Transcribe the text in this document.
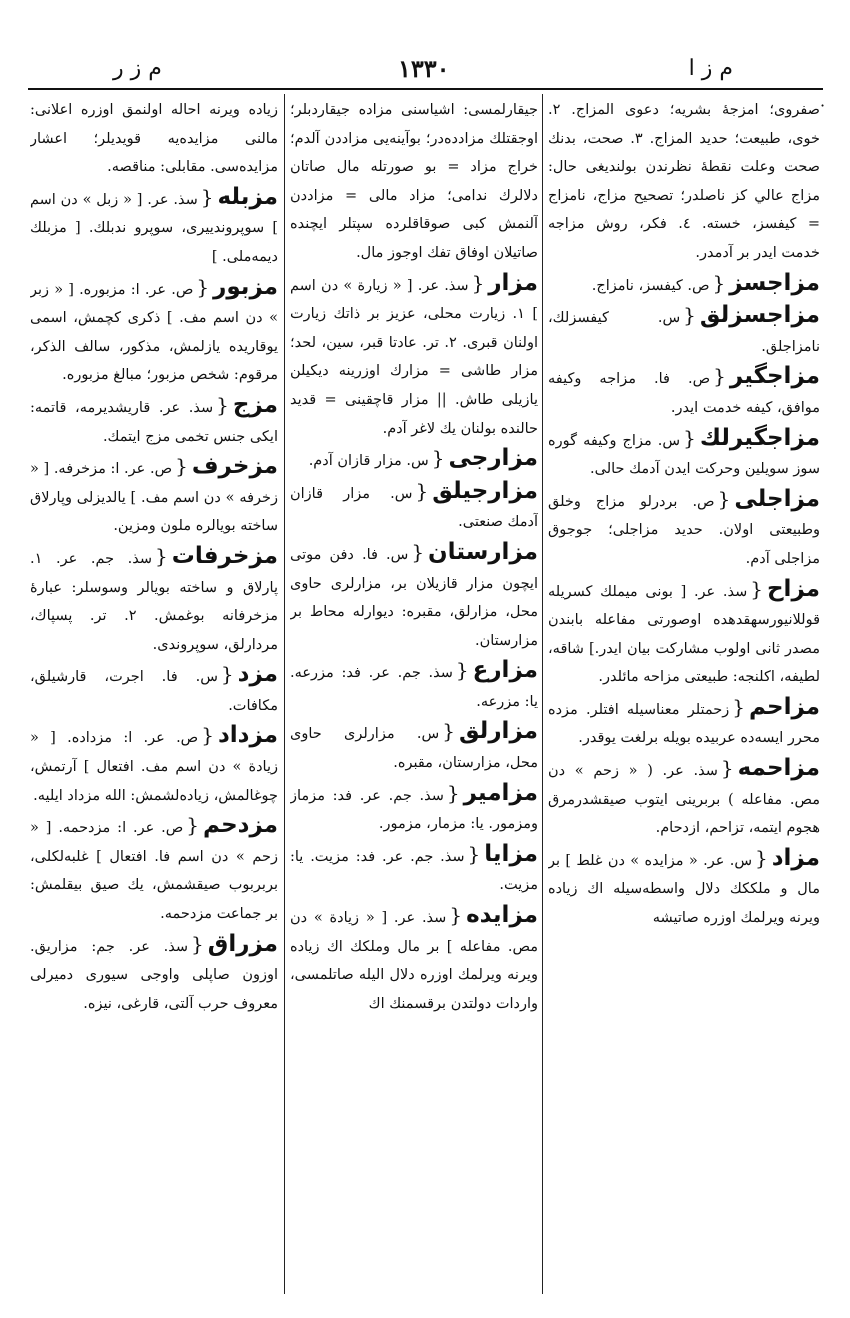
م ز ا
١٣٣٠
م ز ر
·
صفروى؛ امزجهٔ بشريه؛ دعوى المزاج. ٢. خوى، طبيعت؛ حديد المزاج. ٣. صحت، بدنك صحت وعلت نقطهٔ نظرندن بولنديغى حال: مزاج عالي كز ناصلدر؛ تصحيح مزاج، نامزاج = كيفسز، خسته. ٤. فكر، روش مزاجه خدمت ايدر بر آدمدر.
مزاجسز{ص. كيفسز، نامزاج.
مزاجسزلق{س. كيفسزلك، نامزاجلق.
مزاجگير{ص. فا. مزاجه وكيفه موافق، كيفه خدمت ايدر.
مزاجگيرلك{س. مزاج وكيفه گوره سوز سويلين وحركت ايدن آدمك حالى.
مزاجلى{ص. بردرلو مزاج وخلق وطبيعتى اولان. حديد مزاجلى؛ جوجوق مزاجلى آدم.
مزاح{سذ. عر. [ بونى ميملك كسريله قوللانيورسهقدهده اوصورتى مفاعله بابندن مصدر ثانى اولوب مشاركت بيان ايدر.] شاقه، لطيفه، اكلنجه: طبيعتى مزاحه مائلدر.
مزاحم{زحمتلر معناسيله افتلر. مزده محرر ايسه‌ده عربيده بويله برلغت يوقدر.
مزاحمه{سذ. عر. ( « زحم » دن مص. مفاعله ) بربرينى ايتوب صيقشدرمرق هجوم ايتمه، تزاحم، ازدحام.
مزاد{س. عر. « مزايده » دن غلط ] بر مال و ملككك دلال واسطه‌سيله اك زياده ويرنه ويرلمك اوزره صاتيشه
جيقارلمسى: اشياسنى مزاده جيقاردبلر؛ اوجقتلك مزادده‌در؛ بوآينه‌يى مزاددن آلدم؛ خراج مزاد = بو صورتله مال صاتان دلالرك ندامى؛ مزاد مالى = مزاددن آلنمش كبى صوقاقلرده سپتلر ايچنده صاتيلان اوفاق تفك اوجوز مال.
مزار{سذ. عر. [ « زيارة » دن اسم ] ١. زيارت محلى، عزيز بر ذاتك زيارت اولنان قبرى. ٢. تر. عادتا قبر، سين، لحد؛ مزار طاشى = مزارك اوزرينه ديكيلن يازيلى طاش. || مزار قاچقينى = قديد حالنده بولنان يك لاغر آدم.
مزارجى{س. مزار قازان آدم.
مزارجيلق{س. مزار قازان آدمك صنعتى.
مزارستان{س. فا. دفن موتى ايچون مزار قازيلان بر، مزارلرى حاوى محل، مزارلق، مقبره: ديوارله محاط بر مزارستان.
مزارع{سذ. جم. عر. فد: مزرعه. يا: مزرعه.
مزارلق{س. مزارلرى حاوى محل، مزارستان، مقبره.
مزامير{سذ. جم. عر. فد: مزماز ومزمور. يا: مزمار، مزمور.
مزايا{سذ. جم. عر. فد: مزيت. يا: مزيت.
مزايده{سذ. عر. [ « زيادة » دن مص. مفاعله ] بر مال وملكك اك زياده ويرنه ويرلمك اوزره دلال اليله صاتلمسى، واردات دولتدن برقسمنك اك
زياده ويرنه احاله اولنمق اوزره اعلانى: مالنى مزايده‌يه قويديلر؛ اعشار مزايده‌سى. مقابلى: مناقصه.
مزبله{سذ. عر. [ « زبل » دن اسم ] سوپروندييرى، سوپرو ندبلك. [ مزبلك ديمه‌ملى. ]
مزبور{ص. عر. ا: مزبوره. [ « زبر » دن اسم مف. ] ذكرى كچمش، اسمى يوقاريده يازلمش، مذكور، سالف الذكر، مرقوم: شخص مزبور؛ مبالغ مزبوره.
مزج{سذ. عر. قاريشديرمه، قاتمه: ايكى جنس تخمى مزج ايتمك.
مزخرف{ص. عر. ا: مزخرفه. [ « زخرفه » دن اسم مف. ] يالديزلى وپارلاق ساخته بويالره ملون ومزين.
مزخرفات{سذ. جم. عر. ١. پارلاق و ساخته بويالر وسوسلر: عبارهٔ مزخرفانه بوغمش. ٢. تر. پسپاك، مردارلق، سوپروندى.
مزد{س. فا. اجرت، قارشيلق، مكافات.
مزداد{ص. عر. ا: مزداده. [ « زيادة » دن اسم مف. افتعال ] آرتمش، چوغالمش، زياده‌لشمش: الله مزداد ايليه.
مزدحم{ص. عر. ا: مزدحمه. [ « زحم » دن اسم فا. افتعال ] غلبه‌لكلى، بربربوب صيقشمش، يك صيق بيقلمش: بر جماعت مزدحمه.
مزراق{سذ. عر. جم: مزاريق. اوزون صاپلى واوجى سيورى دميرلى معروف حرب آلتى، قارغى، نيزه.
